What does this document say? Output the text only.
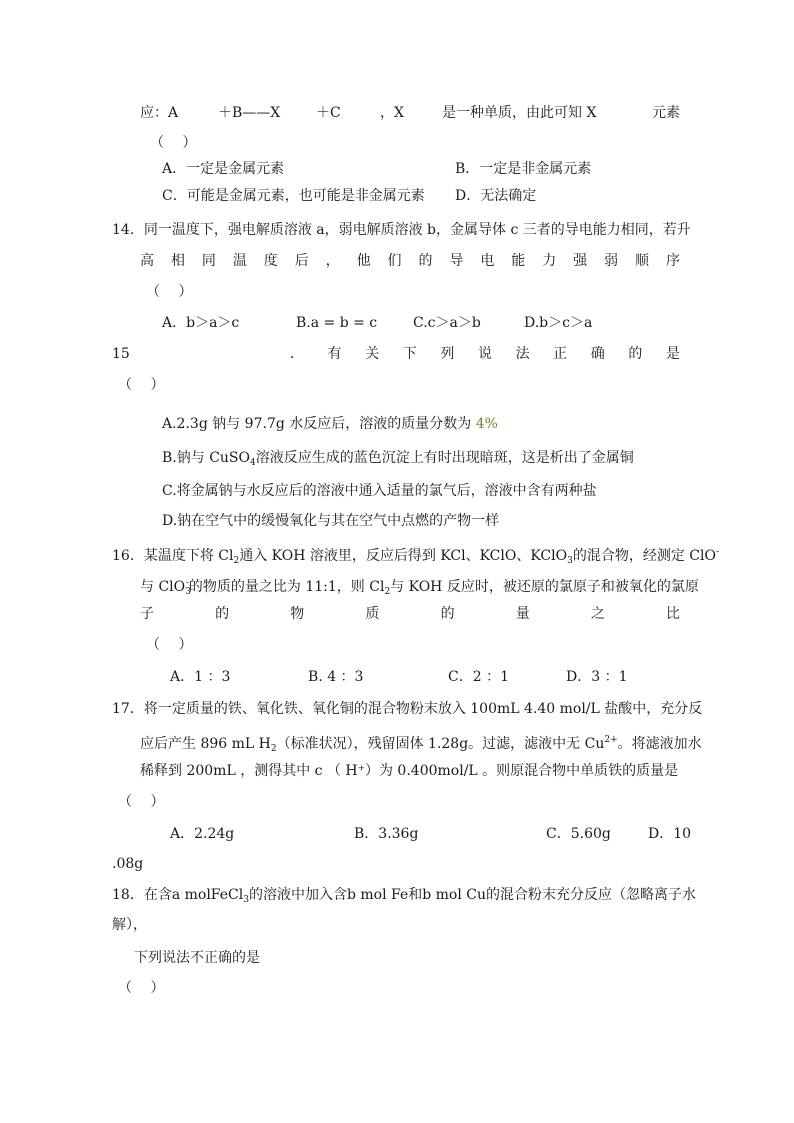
应：A	＋B——X	＋C	，X	是一种单质，由此可知 X	元素
（　 ）
A．一定是金属元素	B．一定是非金属元素
C．可能是金属元素，也可能是非金属元素 D．无法确定
14．同一温度下，强电解质溶液 a，弱电解质溶液 b，金属导体 c 三者的导电能力相同，若升
高 相 同 温 度 后 ， 他 们 的 导 电 能 力 强 弱 顺 序
（　 ）
A．b＞a＞c	B.a = b = c	C.c＞a＞b	D.b＞c＞a
15	． 有 关 下 列 说 法 正 确 的 是
（　 ）
A.2.3g 钠与 97.7g 水反应后，溶液的质量分数为 4%
B.钠与 CuSO$_4$溶液反应生成的蓝色沉淀上有时出现暗斑，这是析出了金属铜
C.将金属钠与水反应后的溶液中通入适量的氯气后，溶液中含有两种盐
D.钠在空气中的缓慢氧化与其在空气中点燃的产物一样
16．某温度下将 $Cl_2$通入 KOH 溶液里，反应后得到 KCl、KClO、KClO$_3$的混合物，经测定 ClO-
与 ClO$_3$-的物质的量之比为 11:1，则 $Cl_2$与 KOH 反应时，被还原的氯原子和被氧化的氯原
子	的	物	质	的	量	之	比
（　 ）
A．1 ：3	B. 4 ：3	C．2 ：1	D．3 ：1
17．将一定质量的铁、氧化铁、氧化铜的混合物粉末放入 100mL 4.40 mol/L 盐酸中，充分反
应后产生 896 mL $H_2$（标准状况），残留固体 1.28g。过滤，滤液中无 $Cu^{2+}$。将滤液加水
稀释到 200mL ，测得其中 c （ H⁺）为 0.400mol/L 。则原混合物中单质铁的质量是
（　 ）
A．2.24g	B．3.36g	C．5.60g	D．10
.08g
18．在含a molFeCl$_3$的溶液中加入含b mol Fe和b mol Cu的混合粉末充分反应（忽略离子水
解），
下列说法不正确的是
（　 ）
